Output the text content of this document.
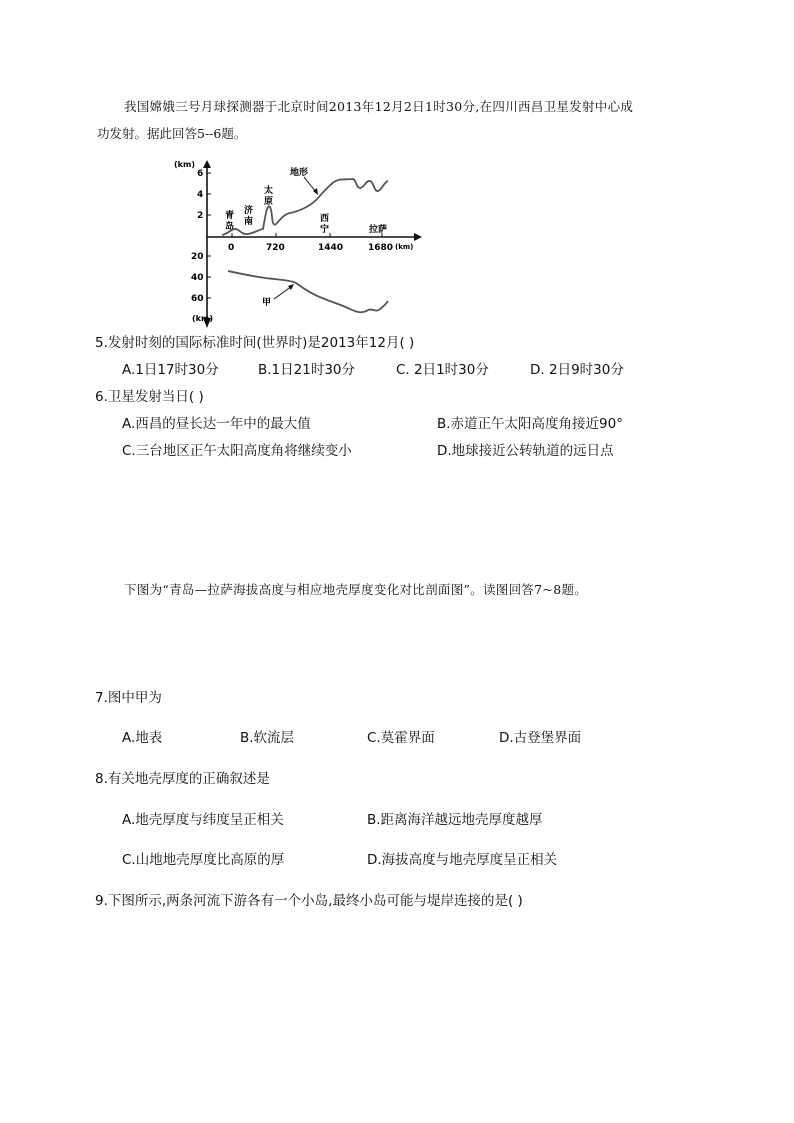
我国嫦娥三号月球探测器于北京时间2013年12月2日1时30分,在四川西昌卫星发射中心成
功发射。据此回答5--6题。
(km)
6
4
2
20
40
60
(km)
0	720	1440	1680 (km)
青
岛
济
南
太
原
西
宁	拉萨
地形
甲
5.发射时刻的国际标准时间(世界时)是2013年12月( )
A.1日17时30分	B.1日21时30分	C. 2日1时30分	D. 2日9时30分
6.卫星发射当日( )
A.西昌的昼长达一年中的最大值	B.赤道正午太阳高度角接近90°
C.三台地区正午太阳高度角将继续变小	D.地球接近公转轨道的远日点
下图为“青岛—拉萨海拔高度与相应地壳厚度变化对比剖面图”。读图回答7~8题。
7.图中甲为
A.地表	B.软流层	C.莫霍界面	D.古登堡界面
8.有关地壳厚度的正确叙述是
A.地壳厚度与纬度呈正相关	B.距离海洋越远地壳厚度越厚
C.山地地壳厚度比高原的厚	D.海拔高度与地壳厚度呈正相关
9.下图所示,两条河流下游各有一个小岛,最终小岛可能与堤岸连接的是( )
